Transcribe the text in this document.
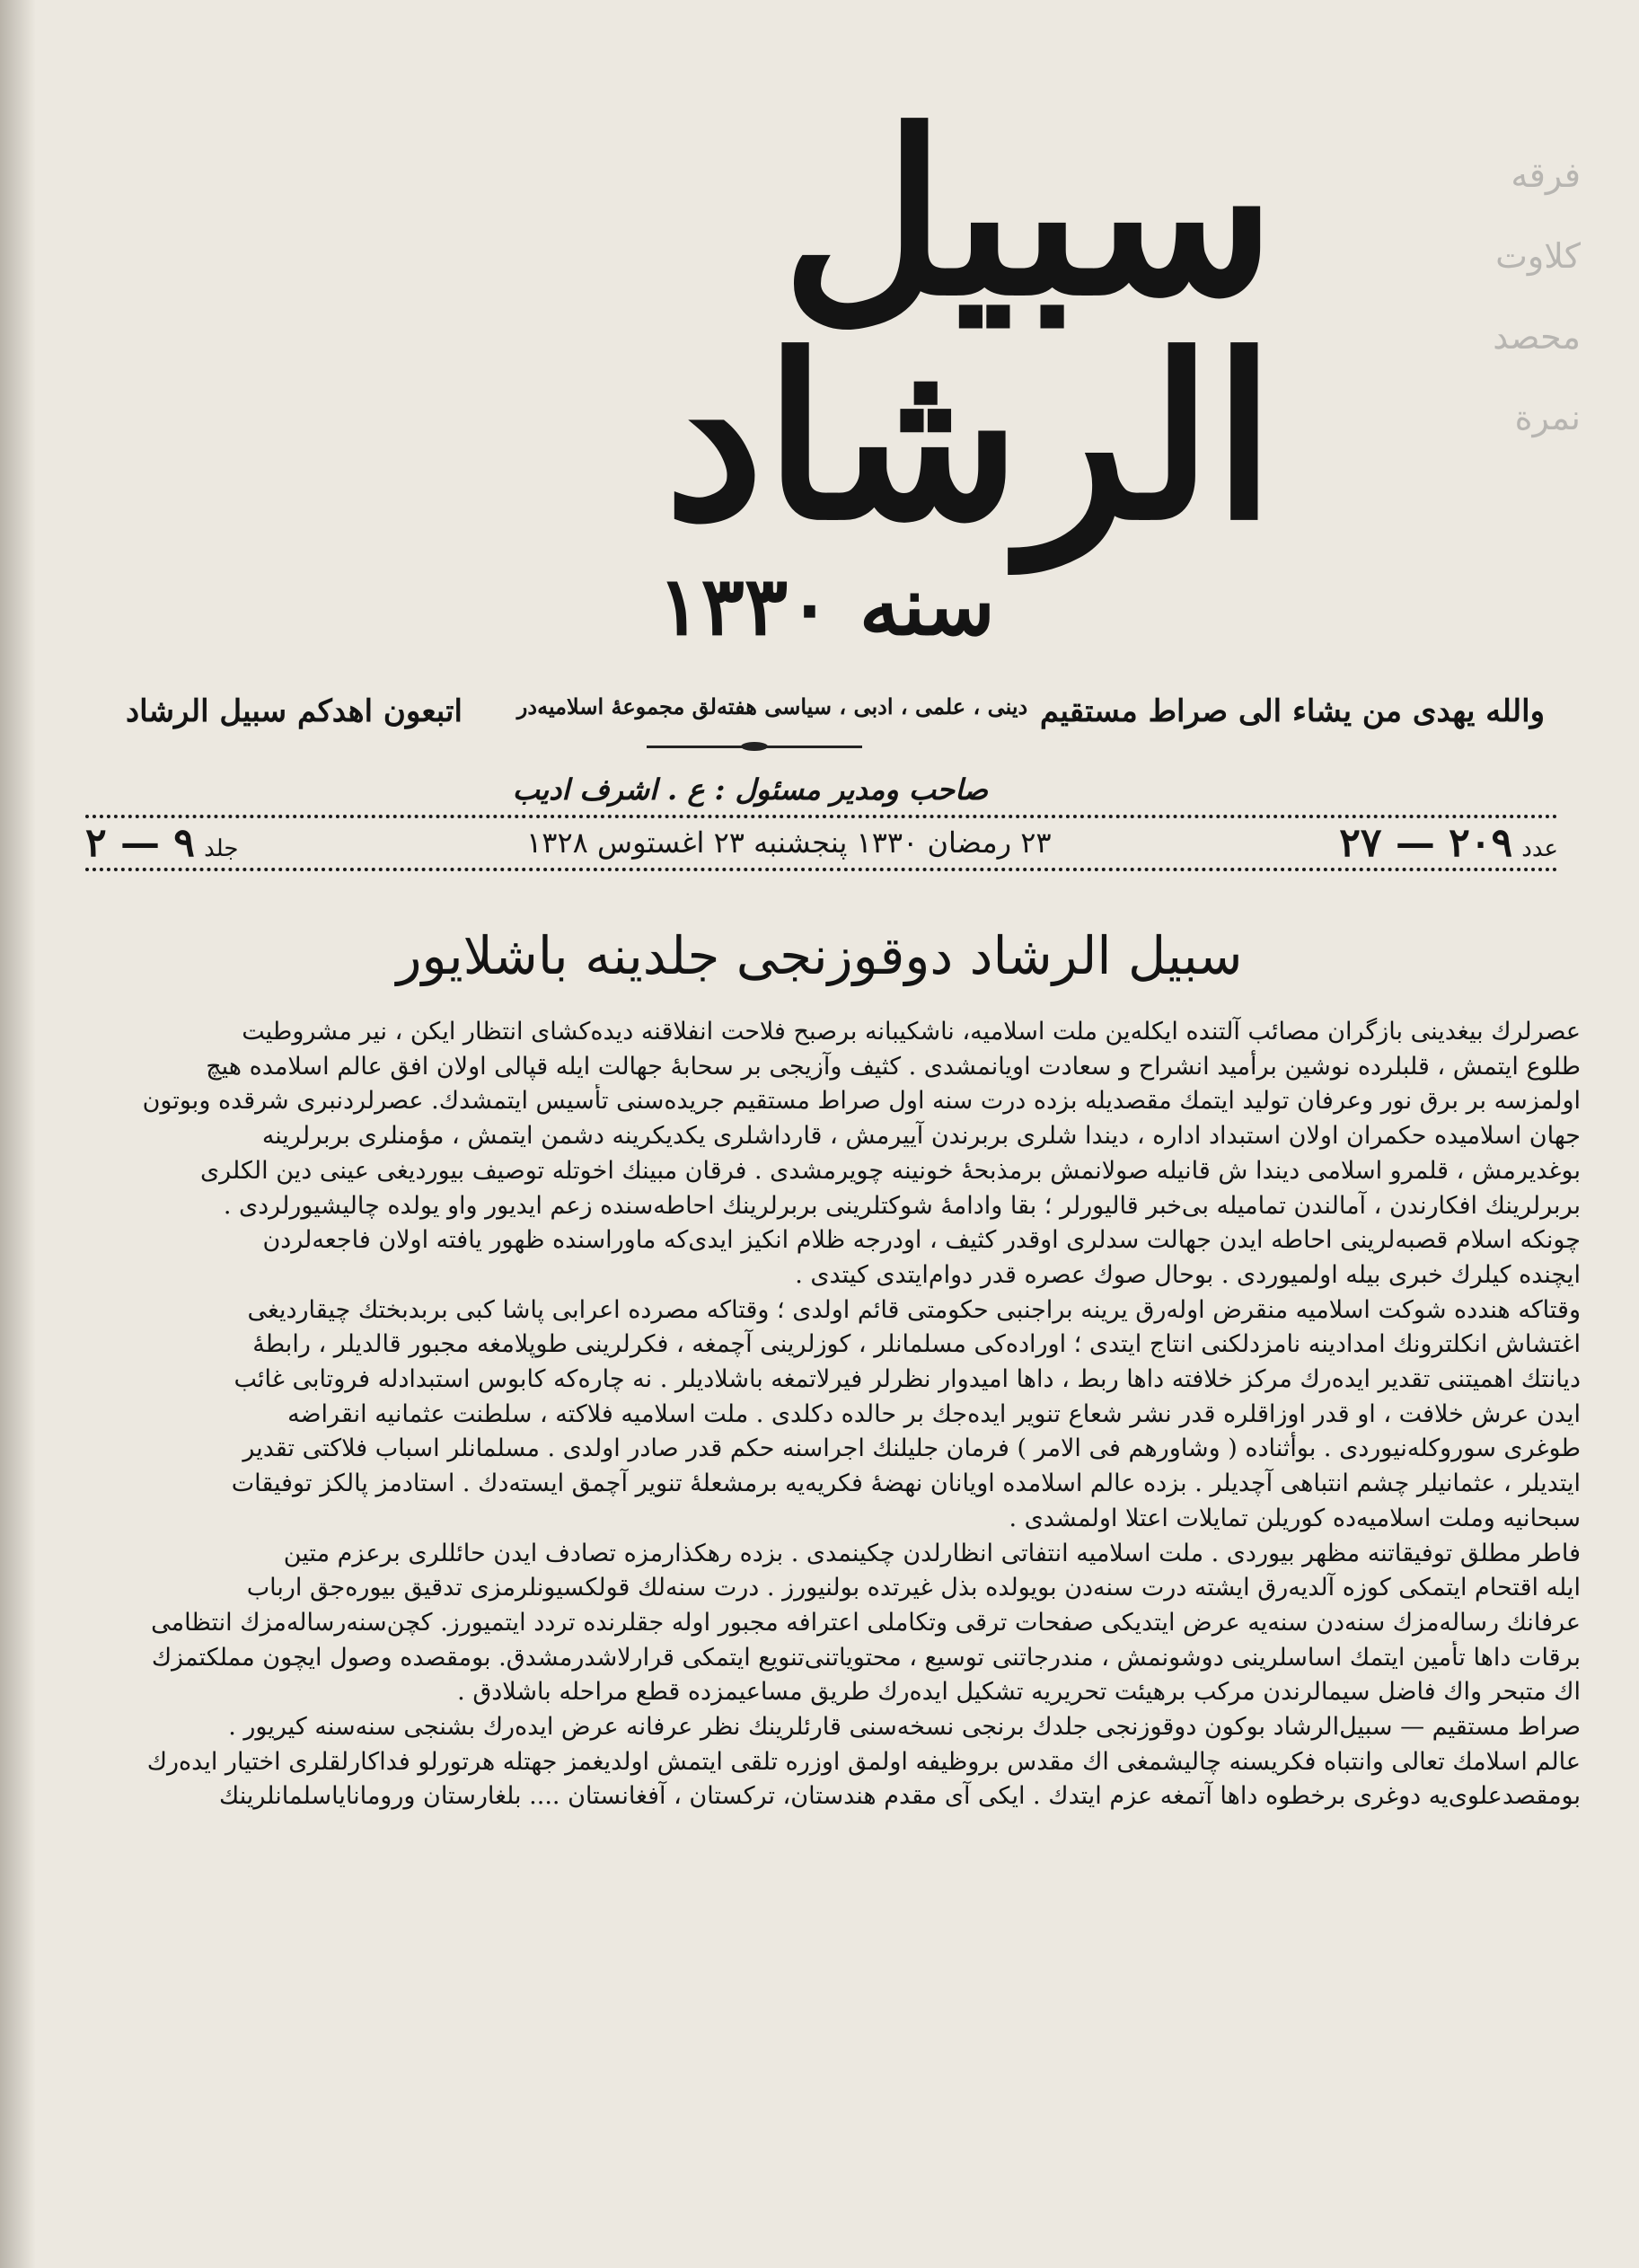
فرقه
كلاوت
محصد
نمرة
سبيل الرشاد
سنه ١٣٣٠
والله يهدی من يشاء الی صراط مستقيم
دينی ، علمی ، ادبی ، سياسی هفته‌لق مجموعۀ اسلاميه‌در
اتبعون اهدكم سبيل الرشاد
صاحب ومدير مسئول : ع . اشرف اديب
عدد ٢٠٩ — ٢٧
٢٣ رمضان ١٣٣٠ پنجشنبه ٢٣ اغستوس ١٣٢٨
جلد ٩ — ٢
سبيل الرشاد دوقوزنجی جلدينه باشلايور
عصرلرك بيغدينی بازگران مصائب آلتنده ايكله‌ين ملت اسلاميه، ناشكيبانه برصبح فلاحت انفلاقنه ديده‌كشای انتظار ايكن ، نير مشروطيت
طلوع ايتمش ، قلبلرده نوشين برأميد انشراح و سعادت اويانمشدی . كثيف وآزيجی بر سحابۀ جهالت ايله قپالی اولان افق عالم اسلامده هيچ
اولمزسه بر برق نور وعرفان توليد ايتمك مقصديله بزده درت سنه اول صراط مستقيم جريده‌سنی تأسيس ايتمشدك. عصرلردنبری شرقده وبوتون
جهان اسلاميده حكمران اولان استبداد اداره ، ديندا شلری بربرندن آييرمش ، قارداشلری يكديكرينه دشمن ايتمش ، مؤمنلری بربرلرينه
بوغديرمش ، قلمرو اسلامی ديندا ش قانيله صولانمش برمذبحۀ خونينه چويرمشدی . فرقان مبينك اخوتله توصيف بيورديغی عينی دين الكلری
بربرلرينك افكارندن ، آمالندن تماميله بی‌خبر قاليورلر ؛ بقا وادامۀ شوكتلرينی بربرلرينك احاطه‌سنده زعم ايديور واو يولده چاليشيورلردی .
چونكه اسلام قصبه‌لرينی احاطه ايدن جهالت سدلری اوقدر كثيف ، اودرجه ظلام انكيز ايدی‌كه ماوراسنده ظهور يافته اولان فاجعه‌لردن
ايچنده كيلرك خبری بيله اولميوردی . بوحال صوك عصره قدر دوام‌ايتدی كيتدی .
وقتاكه هندده شوكت اسلاميه منقرض اوله‌رق يرينه براجنبی حكومتی قائم اولدی ؛ وقتاكه مصرده اعرابی پاشا كبی بربدبختك چيقارديغی
اغتشاش انكلترونك امدادينه نامزدلكنی انتاج ايتدی ؛ اوراده‌كی مسلمانلر ، كوزلرينی آچمغه ، فكرلرينی طوپلامغه مجبور قالديلر ، رابطۀ
ديانتك اهميتنی تقدير ايده‌رك مركز خلافته داها ربط ، داها اميدوار نظرلر فيرلاتمغه باشلاديلر . نه چاره‌كه كابوس استبدادله فروتابی غائب
ايدن عرش خلافت ، او قدر اوزاقلره قدر نشر شعاع تنوير ايده‌جك بر حالده دكلدی . ملت اسلاميه فلاكته ، سلطنت عثمانيه انقراضه
طوغری سوروكله‌نيوردی . بوأثناده ( وشاورهم فی الامر ) فرمان جليلنك اجراسنه حكم قدر صادر اولدی . مسلمانلر اسباب فلاكتی تقدير
ايتديلر ، عثمانيلر چشم انتباهی آچديلر . بزده عالم اسلامده اويانان نهضۀ فكريه‌يه برمشعلۀ تنوير آچمق ايستەدك . استادمز پالكز توفيقات
سبحانيه وملت اسلاميه‌ده كوريلن تمايلات اعتلا اولمشدی .
فاطر مطلق توفيقاتنه مظهر بيوردی . ملت اسلاميه انتفاتی انظارلدن چكينمدی . بزده رهكذارمزه تصادف ايدن حائللری برعزم متين
ايله اقتحام ايتمكی كوزه آلديه‌رق ايشته درت سنه‌دن بويولده بذل غيرتده بولنيورز . درت سنه‌لك قولكسيونلرمزی تدقيق بيوره‌جق ارباب
عرفانك رساله‌مزك سنه‌دن سنه‌يه عرض ايتديكی صفحات ترقی وتكاملی اعترافه مجبور اوله جقلرنده تردد ايتميورز. كچن‌سنه‌رساله‌مزك انتظامی
برقات داها تأمين ايتمك اساسلرينی دوشونمش ، مندرجاتنی توسيع ، محتوياتنی‌تنويع ايتمكی قرارلاشدرمشدق. بومقصده وصول ايچون مملكتمزك
اك متبحر واك فاضل سيمالرندن مركب برهيئت تحريريه تشكيل ايده‌رك طريق مساعيمزده قطع مراحله باشلادق .
صراط مستقيم — سبيل‌الرشاد بوكون دوقوزنجی جلدك برنجی نسخه‌سنی قارئلرينك نظر عرفانه عرض ايده‌رك بشنجی سنه‌سنه كيريور .
عالم اسلامك تعالی وانتباه فكريسنه چاليشمغی اك مقدس بروظيفه اولمق اوزره تلقی ايتمش اولديغمز جهتله هرتورلو فداكارلقلری اختيار ايده‌رك
بومقصدعلوی‌يه دوغری برخطوه داها آتمغه عزم ايتدك . ايكی آی مقدم هندستان، تركستان ، آفغانستان .... بلغارستان وروماناياسلمانلرينك
